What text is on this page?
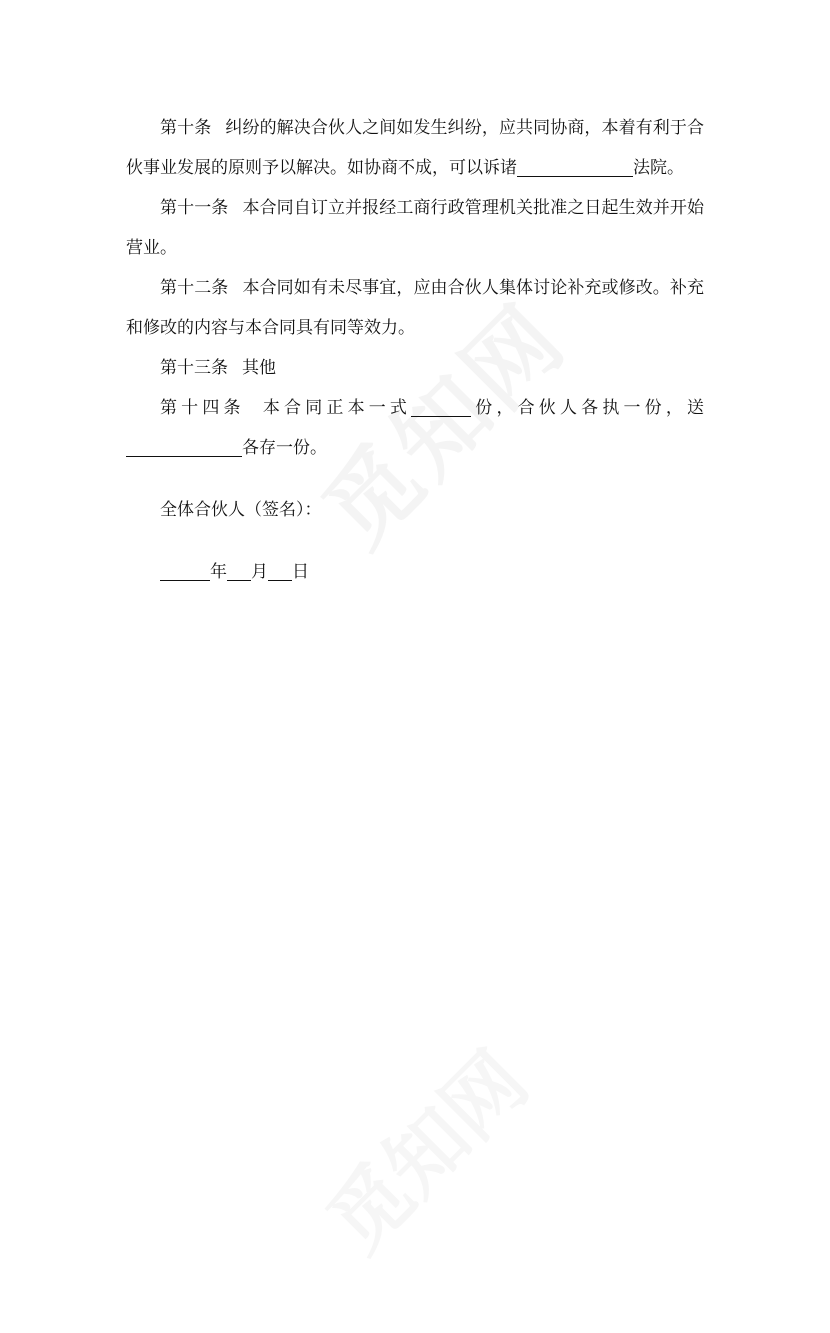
第十条 纠纷的解决合伙人之间如发生纠纷，应共同协商，本着有利于合伙事业发展的原则予以解决。如协商不成，可以诉诸	法院。

第十一条 本合同自订立并报经工商行政管理机关批准之日起生效并开始营业。

第十二条 本合同如有未尽事宜，应由合伙人集体讨论补充或修改。补充和修改的内容与本合同具有同等效力。

第十三条 其他

第十四条 本合同正本一式	份，合伙人各执一份，送各存一份。

全体合伙人（签名）：

年 月 日
